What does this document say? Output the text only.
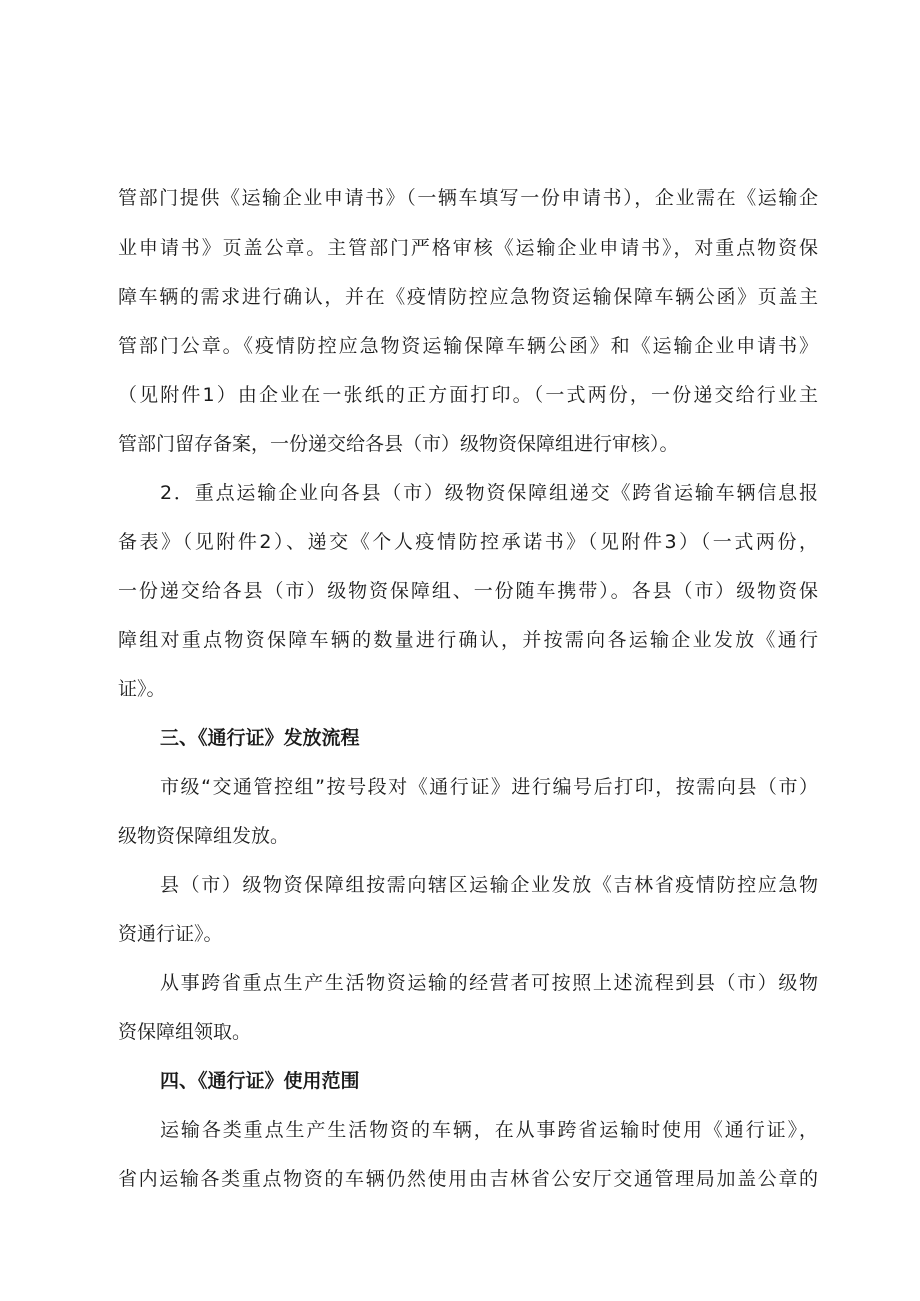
管部门提供《运输企业申请书》（一辆车填写一份申请书），企业需在《运输企
业申请书》页盖公章。主管部门严格审核《运输企业申请书》，对重点物资保
障车辆的需求进行确认，并在《疫情防控应急物资运输保障车辆公函》页盖主
管部门公章。《疫情防控应急物资运输保障车辆公函》和《运输企业申请书》
（见附件1）由企业在一张纸的正方面打印。（一式两份，一份递交给行业主
管部门留存备案，一份递交给各县（市）级物资保障组进行审核）。
2．重点运输企业向各县（市）级物资保障组递交《跨省运输车辆信息报
备表》（见附件2）、递交《个人疫情防控承诺书》（见附件3）（一式两份，
一份递交给各县（市）级物资保障组、一份随车携带）。各县（市）级物资保
障组对重点物资保障车辆的数量进行确认，并按需向各运输企业发放《通行
证》。
三、《通行证》发放流程
市级“交通管控组”按号段对《通行证》进行编号后打印，按需向县（市）
级物资保障组发放。
县（市）级物资保障组按需向辖区运输企业发放《吉林省疫情防控应急物
资通行证》。
从事跨省重点生产生活物资运输的经营者可按照上述流程到县（市）级物
资保障组领取。
四、《通行证》使用范围
运输各类重点生产生活物资的车辆，在从事跨省运输时使用《通行证》，
省内运输各类重点物资的车辆仍然使用由吉林省公安厅交通管理局加盖公章的
